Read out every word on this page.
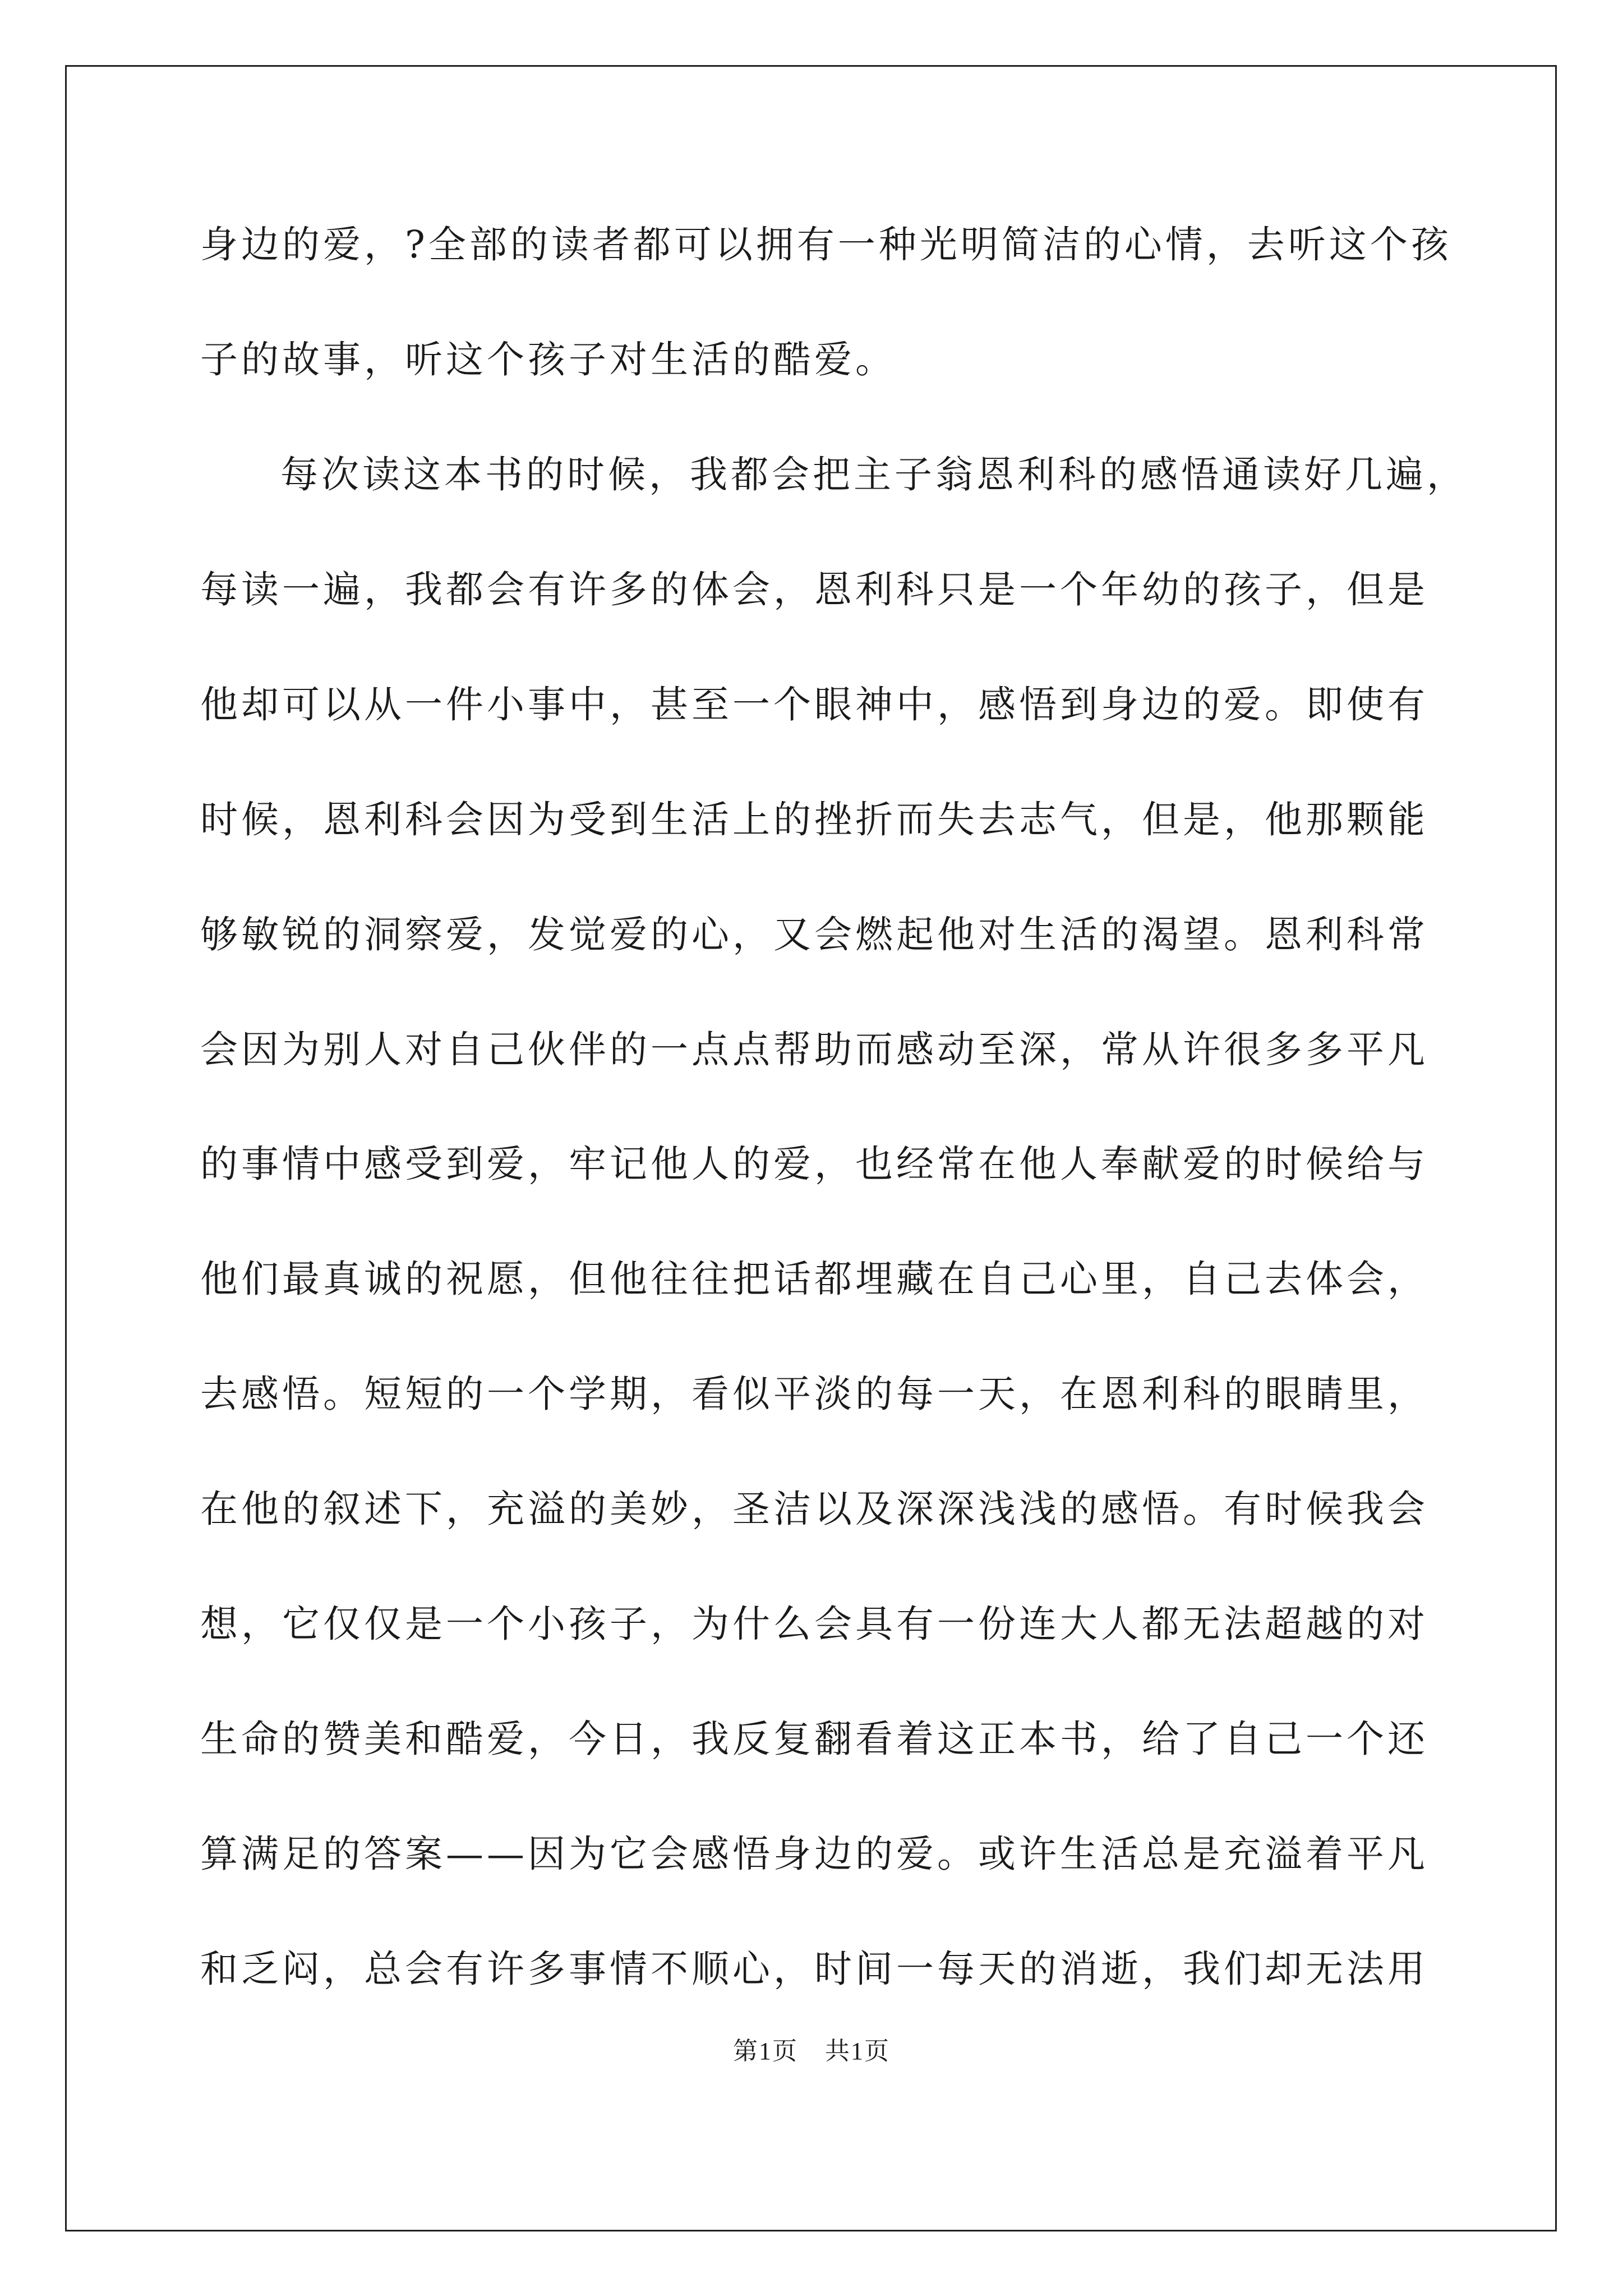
身边的爱，?全部的读者都可以拥有一种光明简洁的心情，去听这个孩
子的故事，听这个孩子对生活的酷爱。
每次读这本书的时候，我都会把主子翁恩利科的感悟通读好几遍，
每读一遍，我都会有许多的体会，恩利科只是一个年幼的孩子，但是
他却可以从一件小事中，甚至一个眼神中，感悟到身边的爱。即使有
时候，恩利科会因为受到生活上的挫折而失去志气，但是，他那颗能
够敏锐的洞察爱，发觉爱的心，又会燃起他对生活的渴望。恩利科常
会因为别人对自己伙伴的一点点帮助而感动至深，常从许很多多平凡
的事情中感受到爱，牢记他人的爱，也经常在他人奉献爱的时候给与
他们最真诚的祝愿，但他往往把话都埋藏在自己心里，自己去体会，
去感悟。短短的一个学期，看似平淡的每一天，在恩利科的眼睛里，
在他的叙述下，充溢的美妙，圣洁以及深深浅浅的感悟。有时候我会
想，它仅仅是一个小孩子，为什么会具有一份连大人都无法超越的对
生命的赞美和酷爱，今日，我反复翻看着这正本书，给了自己一个还
算满足的答案——因为它会感悟身边的爱。或许生活总是充溢着平凡
和乏闷，总会有许多事情不顺心，时间一每天的消逝，我们却无法用
第1页 共1页
